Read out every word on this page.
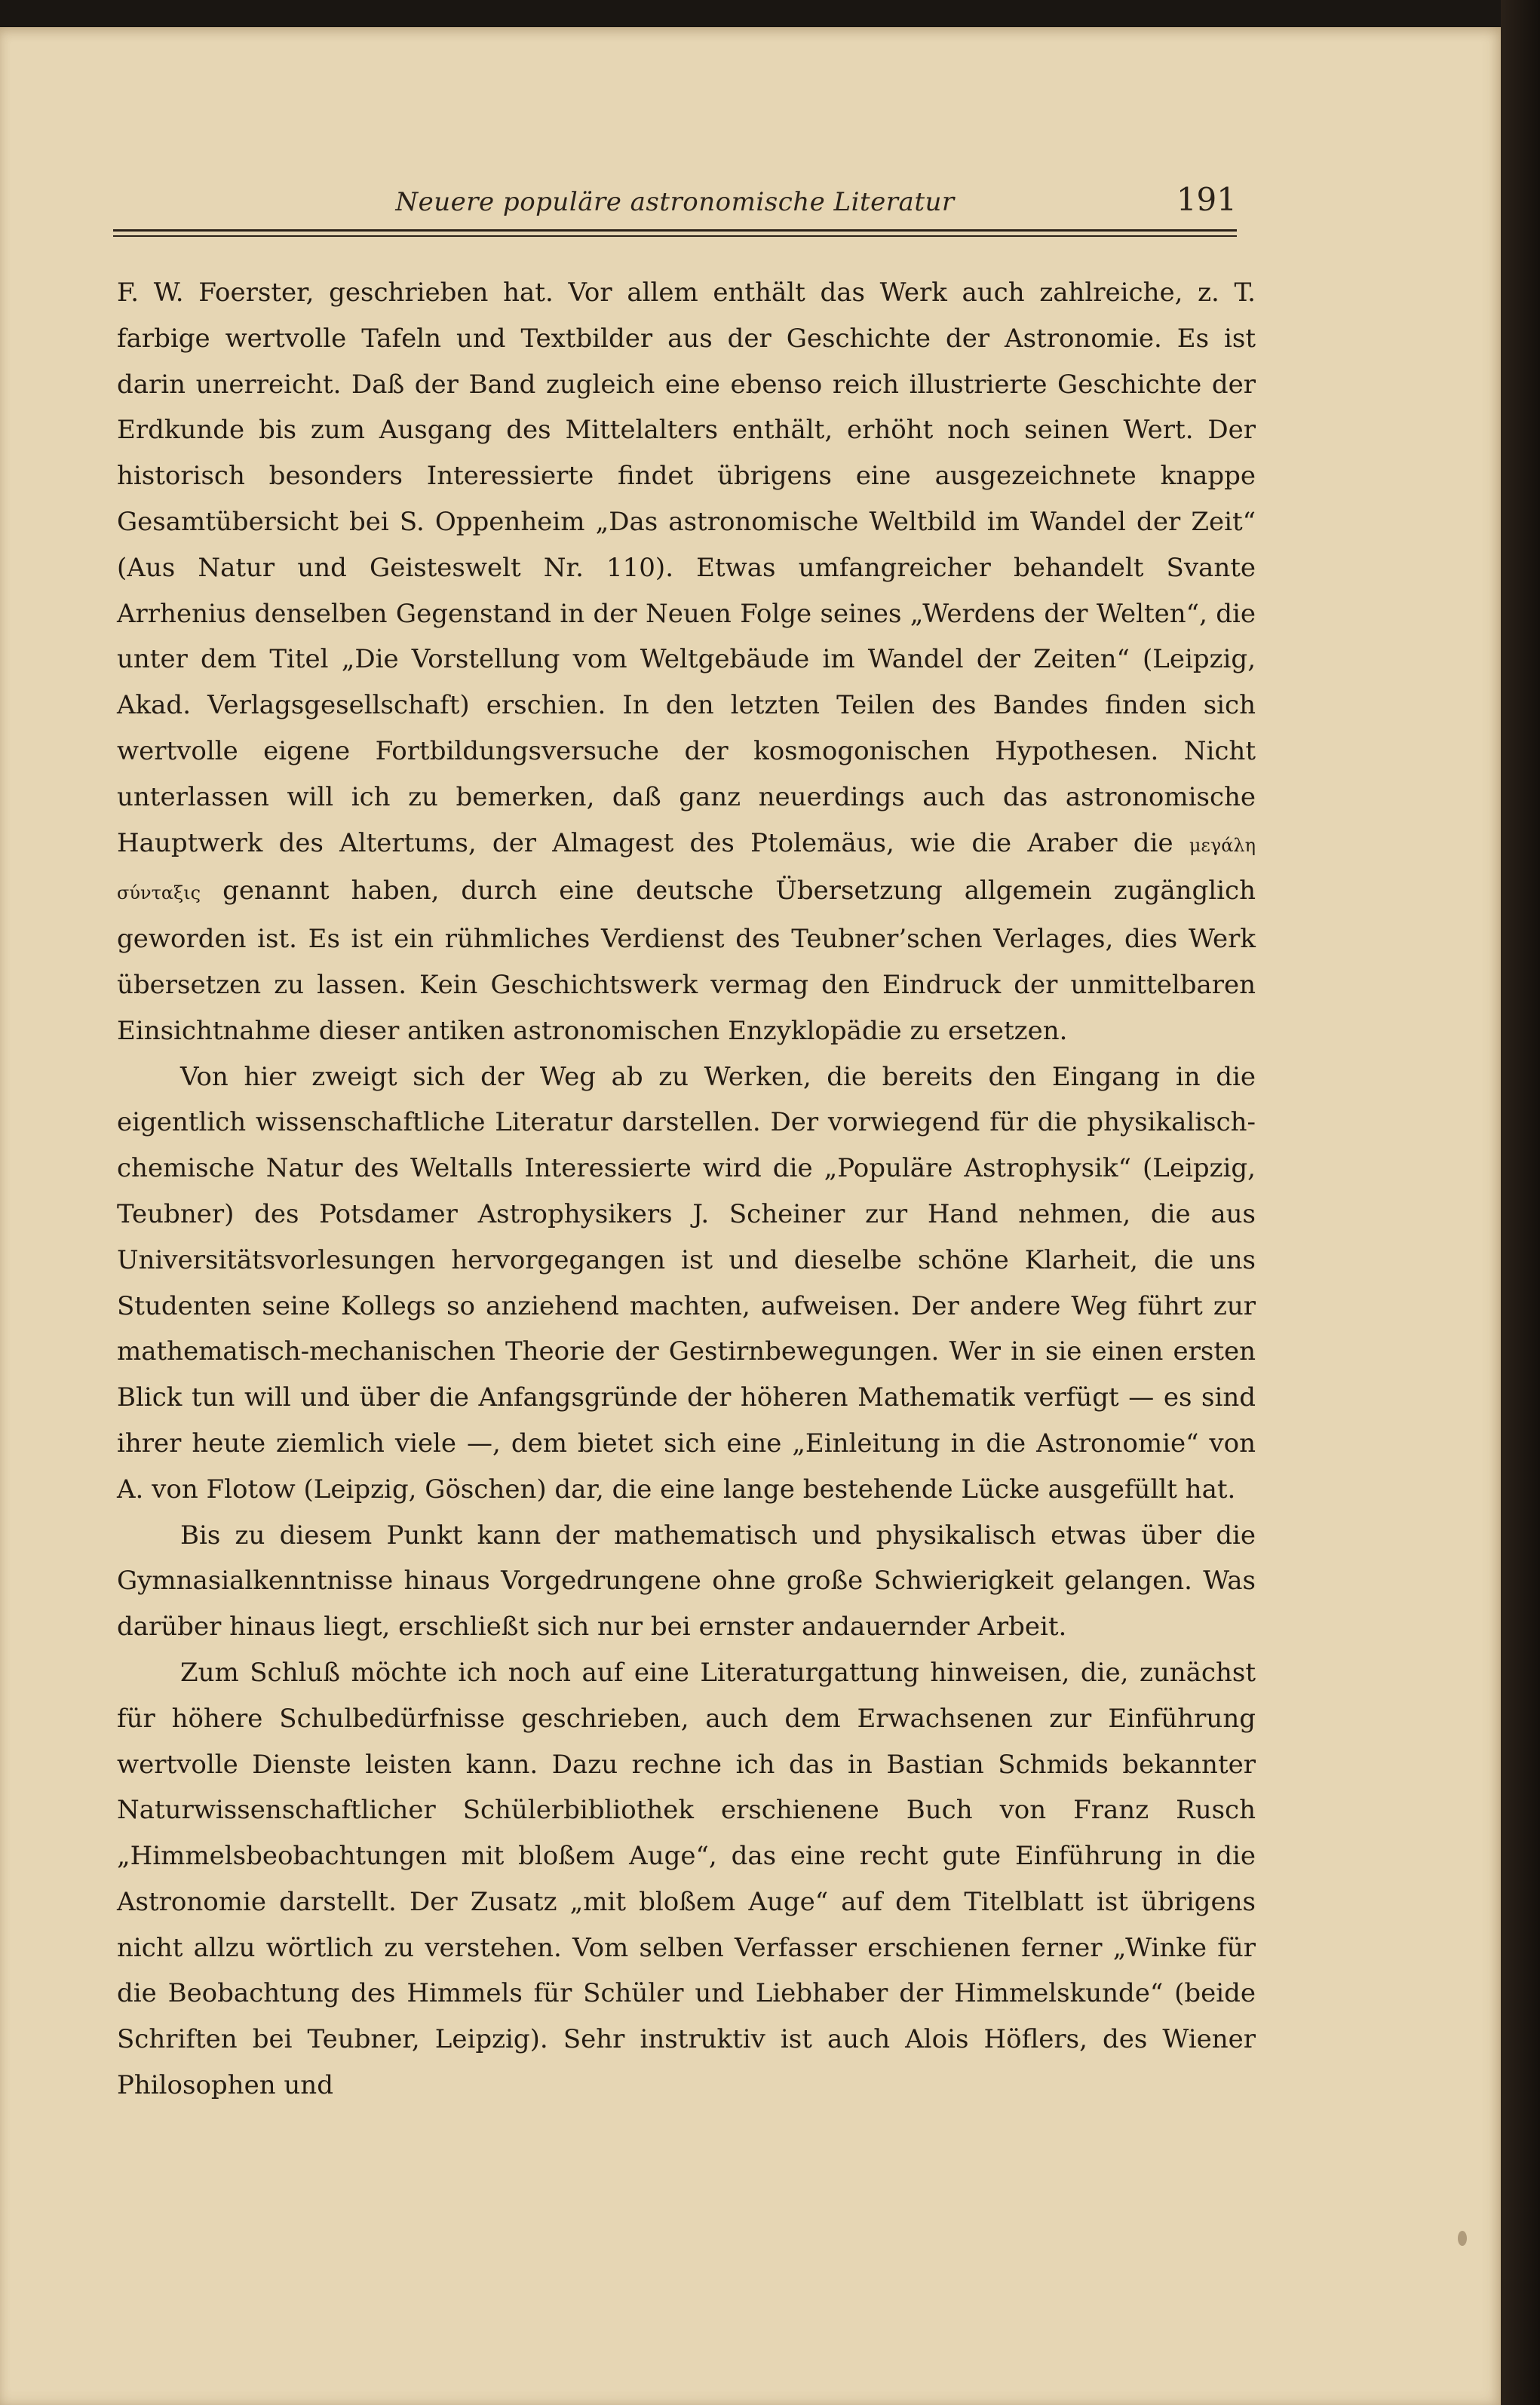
Neuere populäre astronomische Literatur	191

F. W. Foerster, geschrieben hat. Vor allem enthält das Werk auch zahlreiche, z. T. farbige wertvolle Tafeln und Textbilder aus der Geschichte der Astronomie. Es ist darin unerreicht. Daß der Band zugleich eine ebenso reich illustrierte Geschichte der Erdkunde bis zum Ausgang des Mittelalters enthält, erhöht noch seinen Wert. Der historisch besonders Interessierte findet übrigens eine ausgezeichnete knappe Gesamtübersicht bei S. Oppenheim „Das astronomische Weltbild im Wandel der Zeit“ (Aus Natur und Geisteswelt Nr. 110). Etwas umfangreicher behandelt Svante Arrhenius denselben Gegenstand in der Neuen Folge seines „Werdens der Welten“, die unter dem Titel „Die Vorstellung vom Weltgebäude im Wandel der Zeiten“ (Leipzig, Akad. Verlagsgesellschaft) erschien. In den letzten Teilen des Bandes finden sich wertvolle eigene Fortbildungsversuche der kosmogonischen Hypothesen. Nicht unterlassen will ich zu bemerken, daß ganz neuerdings auch das astronomische Hauptwerk des Altertums, der Almagest des Ptolemäus, wie die Araber die μεγάλη σύνταξις genannt haben, durch eine deutsche Übersetzung allgemein zugänglich geworden ist. Es ist ein rühmliches Verdienst des Teubner’schen Verlages, dies Werk übersetzen zu lassen. Kein Geschichtswerk vermag den Eindruck der unmittelbaren Einsichtnahme dieser antiken astronomischen Enzyklopädie zu ersetzen.

Von hier zweigt sich der Weg ab zu Werken, die bereits den Eingang in die eigentlich wissenschaftliche Literatur darstellen. Der vorwiegend für die physikalisch-chemische Natur des Weltalls Interessierte wird die „Populäre Astrophysik“ (Leipzig, Teubner) des Potsdamer Astrophysikers J. Scheiner zur Hand nehmen, die aus Universitätsvorlesungen hervorgegangen ist und dieselbe schöne Klarheit, die uns Studenten seine Kollegs so anziehend machten, aufweisen. Der andere Weg führt zur mathematisch-mechanischen Theorie der Gestirnbewegungen. Wer in sie einen ersten Blick tun will und über die Anfangsgründe der höheren Mathematik verfügt — es sind ihrer heute ziemlich viele —, dem bietet sich eine „Einleitung in die Astronomie“ von A. von Flotow (Leipzig, Göschen) dar, die eine lange bestehende Lücke ausgefüllt hat.

Bis zu diesem Punkt kann der mathematisch und physikalisch etwas über die Gymnasialkenntnisse hinaus Vorgedrungene ohne große Schwierigkeit gelangen. Was darüber hinaus liegt, erschließt sich nur bei ernster andauernder Arbeit.

Zum Schluß möchte ich noch auf eine Literaturgattung hinweisen, die, zunächst für höhere Schulbedürfnisse geschrieben, auch dem Erwachsenen zur Einführung wertvolle Dienste leisten kann. Dazu rechne ich das in Bastian Schmids bekannter Naturwissenschaftlicher Schülerbibliothek erschienene Buch von Franz Rusch „Himmelsbeobachtungen mit bloßem Auge“, das eine recht gute Einführung in die Astronomie darstellt. Der Zusatz „mit bloßem Auge“ auf dem Titelblatt ist übrigens nicht allzu wörtlich zu verstehen. Vom selben Verfasser erschienen ferner „Winke für die Beobachtung des Himmels für Schüler und Liebhaber der Himmelskunde“ (beide Schriften bei Teubner, Leipzig). Sehr instruktiv ist auch Alois Höflers, des Wiener Philosophen und
